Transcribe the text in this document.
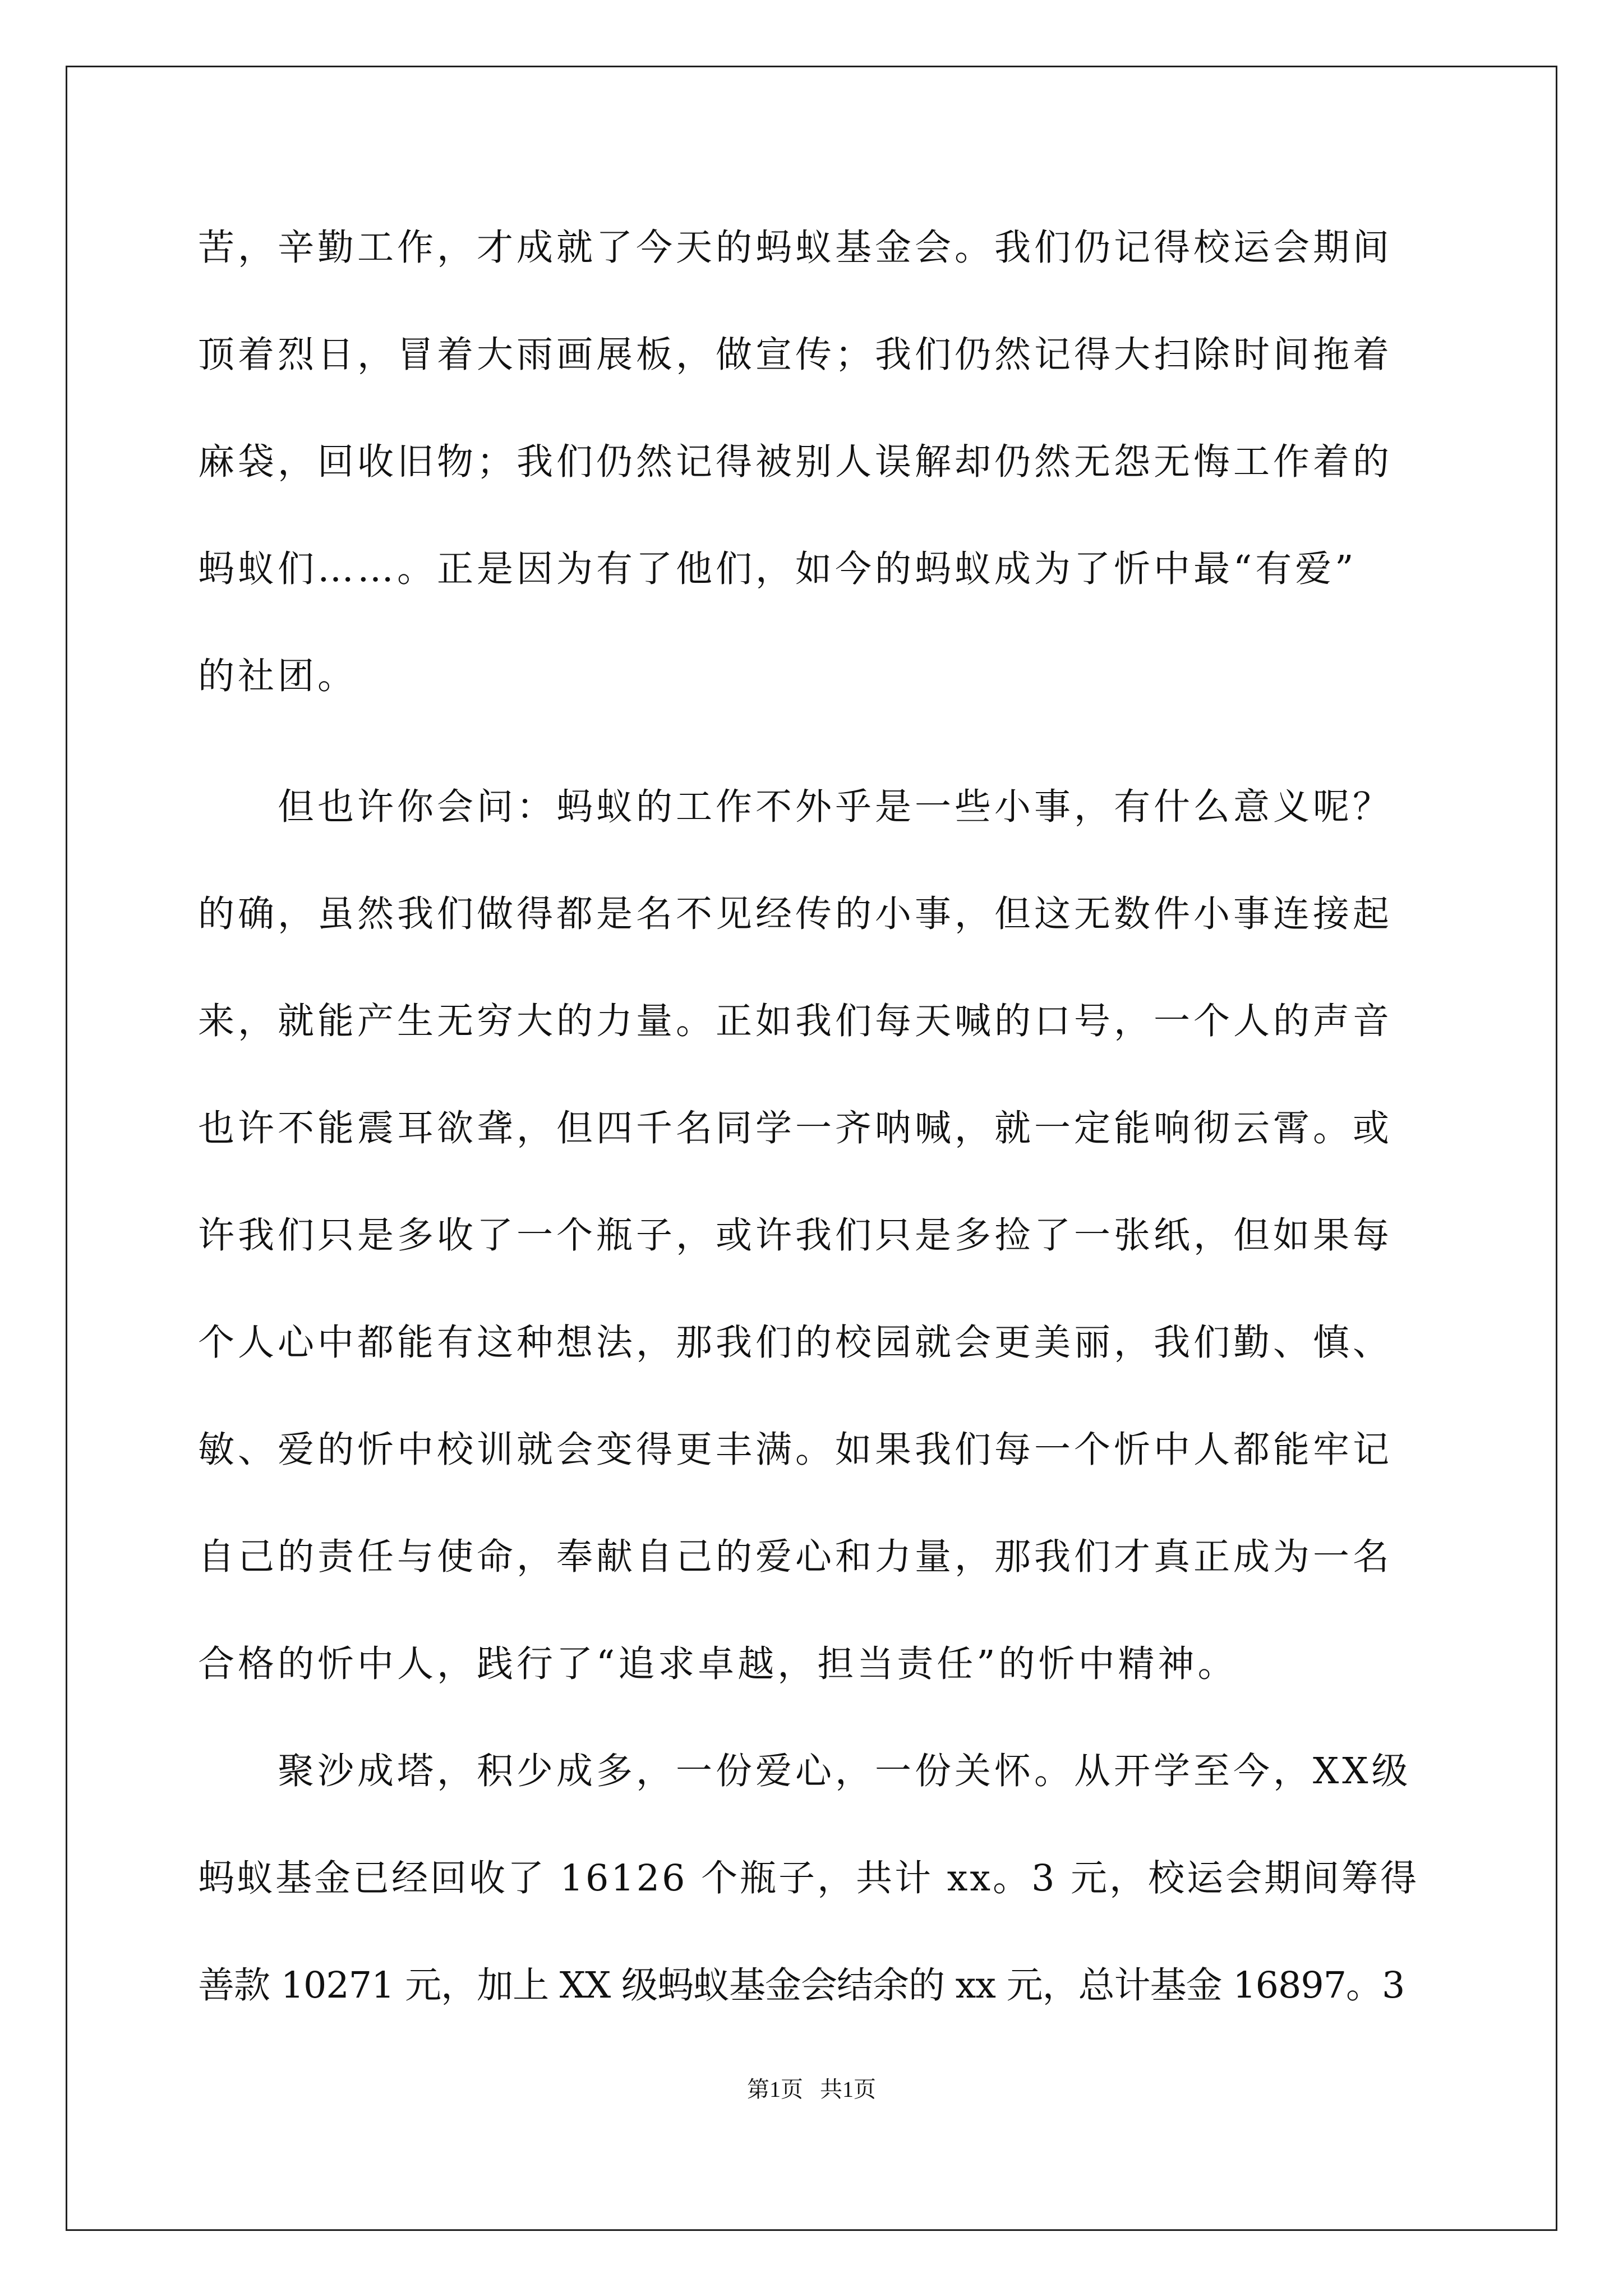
苦，辛勤工作，才成就了今天的蚂蚁基金会。我们仍记得校运会期间
顶着烈日，冒着大雨画展板，做宣传；我们仍然记得大扫除时间拖着
麻袋，回收旧物；我们仍然记得被别人误解却仍然无怨无悔工作着的
蚂蚁们……。正是因为有了他们，如今的蚂蚁成为了忻中最“有爱”
的社团。
　　但也许你会问：蚂蚁的工作不外乎是一些小事，有什么意义呢？
的确，虽然我们做得都是名不见经传的小事，但这无数件小事连接起
来，就能产生无穷大的力量。正如我们每天喊的口号，一个人的声音
也许不能震耳欲聋，但四千名同学一齐呐喊，就一定能响彻云霄。或
许我们只是多收了一个瓶子，或许我们只是多捡了一张纸，但如果每
个人心中都能有这种想法，那我们的校园就会更美丽，我们勤、慎、
敏、爱的忻中校训就会变得更丰满。如果我们每一个忻中人都能牢记
自己的责任与使命，奉献自己的爱心和力量，那我们才真正成为一名
合格的忻中人，践行了“追求卓越，担当责任”的忻中精神。
　　聚沙成塔，积少成多，一份爱心，一份关怀。从开学至今，XX级
蚂蚁基金已经回收了 16126 个瓶子，共计 xx。3 元，校运会期间筹得
善款 10271 元，加上 XX 级蚂蚁基金会结余的 xx 元，总计基金 16897。3
第1页   共1页
